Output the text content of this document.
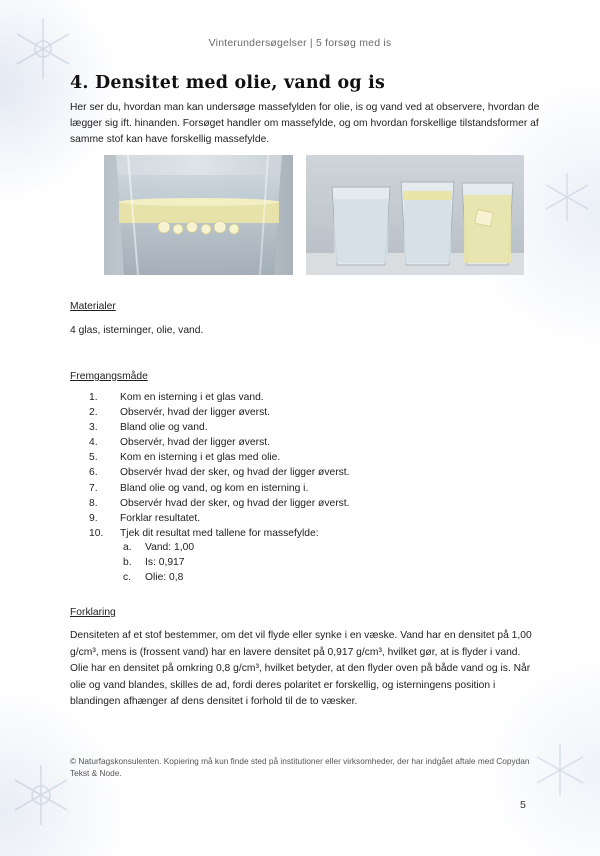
Vinterundersøgelser | 5 forsøg med is
4. Densitet med olie, vand og is
Her ser du, hvordan man kan undersøge massefylden for olie, is og vand ved at observere, hvordan de lægger sig ift. hinanden. Forsøget handler om massefylde, og om hvordan forskellige tilstandsformer af samme stof kan have forskellig massefylde.
Materialer
4 glas, isterninger, olie, vand.
Fremgangsmåde
1.	Kom en isterning i et glas vand.
2.	Observér, hvad der ligger øverst.
3.	Bland olie og vand.
4.	Observér, hvad der ligger øverst.
5.	Kom en isterning i et glas med olie.
6.	Observér hvad der sker, og hvad der ligger øverst.
7.	Bland olie og vand, og kom en isterning i.
8.	Observér hvad der sker, og hvad der ligger øverst.
9.	Forklar resultatet.
10.	Tjek dit resultat med tallene for massefylde:
a. Vand: 1,00
b. Is: 0,917
c. Olie: 0,8
Forklaring
Densiteten af et stof bestemmer, om det vil flyde eller synke i en væske. Vand har en densitet på 1,00 g/cm³, mens is (frossent vand) har en lavere densitet på 0,917 g/cm³, hvilket gør, at is flyder i vand. Olie har en densitet på omkring 0,8 g/cm³, hvilket betyder, at den flyder oven på både vand og is. Når olie og vand blandes, skilles de ad, fordi deres polaritet er forskellig, og isterningens position i blandingen afhænger af dens densitet i forhold til de to væsker.
© Naturfagskonsulenten. Kopiering må kun finde sted på institutioner eller virksomheder, der har indgået aftale med Copydan Tekst & Node.
5
